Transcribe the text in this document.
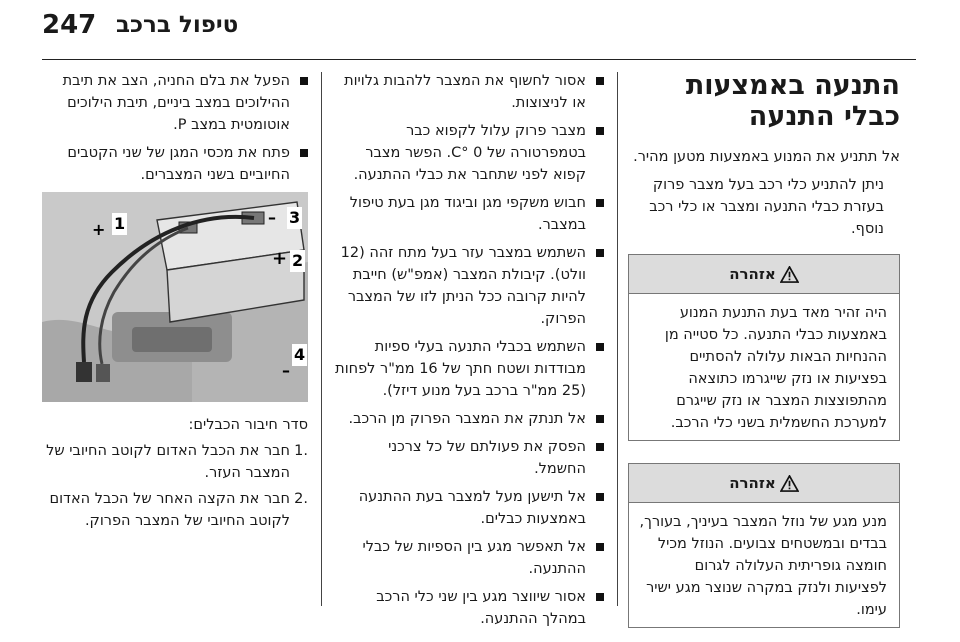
247 טיפול ברכב
התנעה באמצעות כבלי התנעה
אל תתניע את המנוע באמצעות מטען מהיר.
ניתן להתניע כלי רכב בעל מצבר פרוק בעזרת כבלי התנעה ומצבר או כלי רכב נוסף.
אזהרה
היה זהיר מאד בעת התנעת המנוע באמצעות כבלי התנעה. כל סטייה מן ההנחיות הבאות עלולה להסתיים בפציעות או נזק שייגרמו כתוצאה מהתפוצצות המצבר או נזק שייגרם למערכת החשמלית בשני כלי הרכב.
אזהרה
מנע מגע של נוזל המצבר בעיניך, בעורך, בבדים ובמשטחים צבועים. הנוזל מכיל חומצה גופריתית העלולה לגרום לפציעות ולנזק במקרה שנוצר מגע ישיר עימו.
אסור לחשוף את המצבר ללהבות גלויות או לניצוצות.
מצבר פרוק עלול לקפוא כבר בטמפרטורה של 0 °C. הפשר מצבר קפוא לפני שתחבר את כבלי ההתנעה.
חבוש משקפי מגן וביגוד מגן בעת טיפול במצבר.
השתמש במצבר עזר בעל מתח זהה (12 וולט). קיבולת המצבר (אמפ"ש) חייבת להיות קרובה ככל הניתן לזו של המצבר הפרוק.
השתמש בכבלי התנעה בעלי ספיות מבודדות ושטח חתך של 16 ממ"ר לפחות (25 ממ"ר ברכב בעל מנוע דיזל).
אל תנתק את המצבר הפרוק מן הרכב.
הפסק את פעולתם של כל צרכני החשמל.
אל תישען מעל למצבר בעת ההתנעה באמצעות כבלים.
אל תאפשר מגע בין הספיות של כבלי ההתנעה.
אסור שיווצר מגע בין שני כלי הרכב במהלך ההתנעה.
הפעל את בלם החניה, הצב את תיבת ההילוכים במצב ביניים, תיבת הילוכים אוטומטית במצב P.
פתח את מכסי המגן של שני הקטבים החיוביים בשני המצברים.
1
+
3
–
2
+
4
–
סדר חיבור הכבלים:
1.
חבר את הכבל האדום לקוטב החיובי של המצבר העזר.
2.
חבר את הקצה האחר של הכבל האדום לקוטב החיובי של המצבר הפרוק.
